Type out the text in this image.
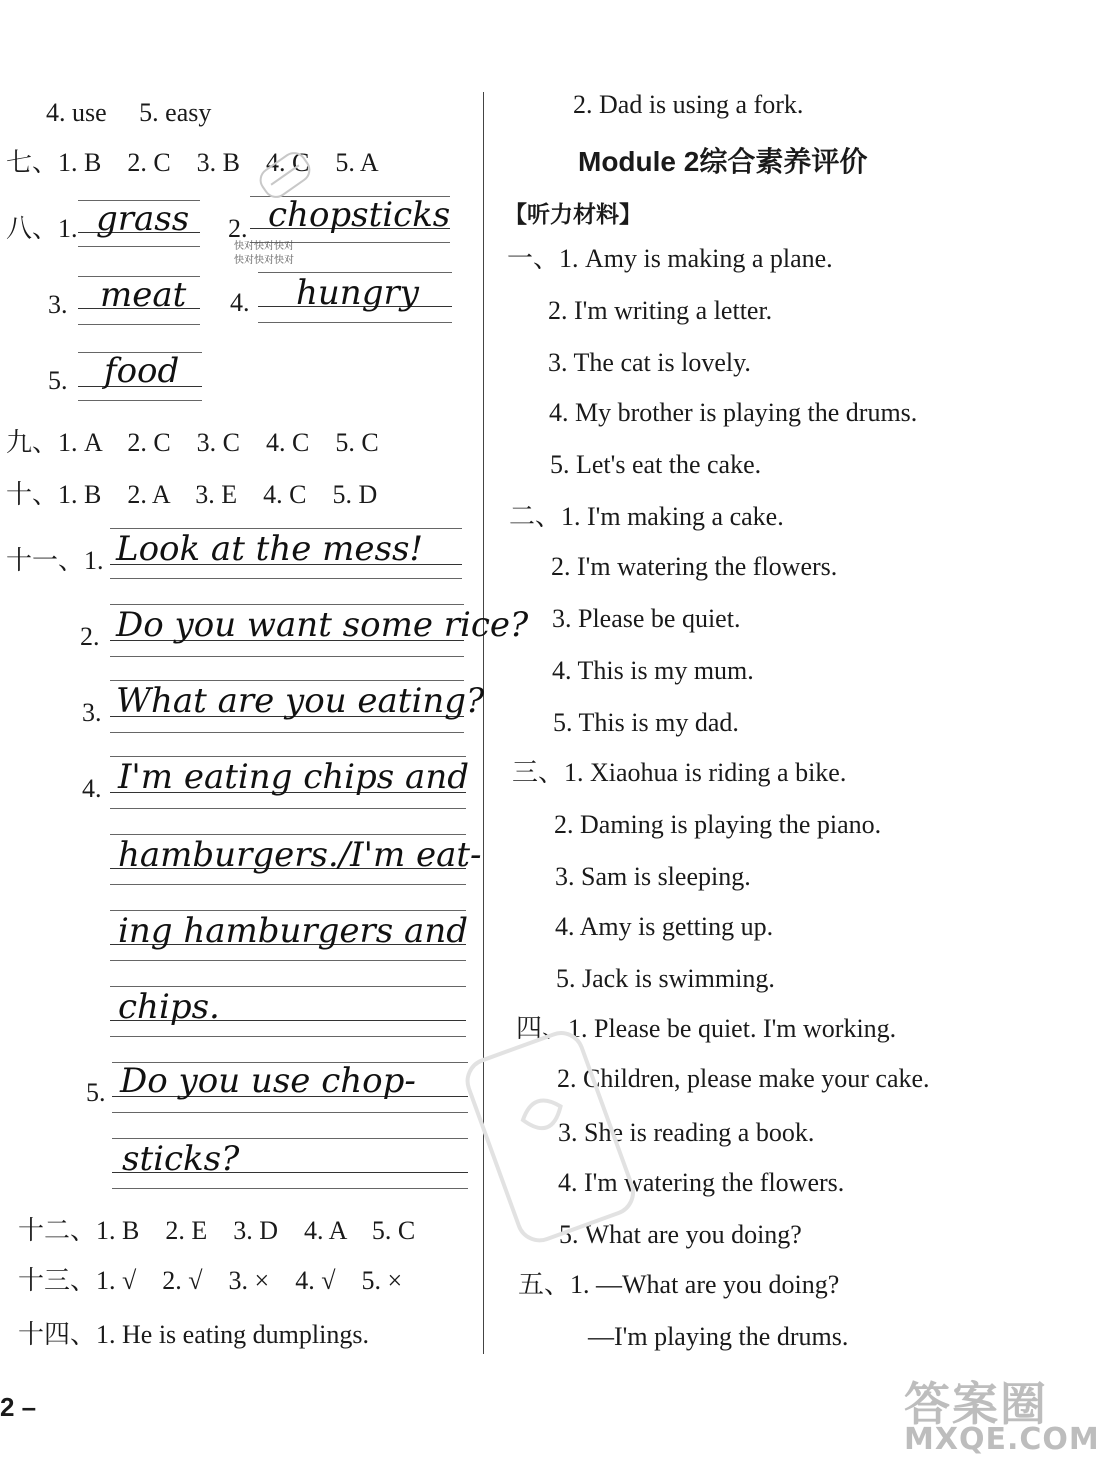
4. use　 5. easy
七、1. B　2. C　3. B　4. C　5. A
八、1. grass 2. chopsticks
3. meat 4. hungry
5. food
快对快对快对
快对快对快对
九、1. A　2. C　3. C　4. C　5. C
十、1. B　2. A　3. E　4. C　5. D
十一、1. Look at the mess!
2. Do you want some rice?
3. What are you eating?
4. I'm eating chips and
hamburgers./I'm eat-
ing hamburgers and
chips.
5. Do you use chop-
sticks?
十二、1. B　2. E　3. D　4. A　5. C
十三、1. √　2. √　3. ×　4. √　5. ×
十四、1. He is eating dumplings.
2. Dad is using a fork.
Module 2综合素养评价
【听力材料】
一、1. Amy is making a plane.
2. I'm writing a letter.
3. The cat is lovely.
4. My brother is playing the drums.
5. Let's eat the cake.
二、1. I'm making a cake.
2. I'm watering the flowers.
3. Please be quiet.
4. This is my mum.
5. This is my dad.
三、1. Xiaohua is riding a bike.
2. Daming is playing the piano.
3. Sam is sleeping.
4. Amy is getting up.
5. Jack is swimming.
四、1. Please be quiet. I'm working.
2. Children, please make your cake.
3. She is reading a book.
4. I'm watering the flowers.
5. What are you doing?
五、1. —What are you doing?
—I'm playing the drums.
2 –	答案圈
MXQE.COM
